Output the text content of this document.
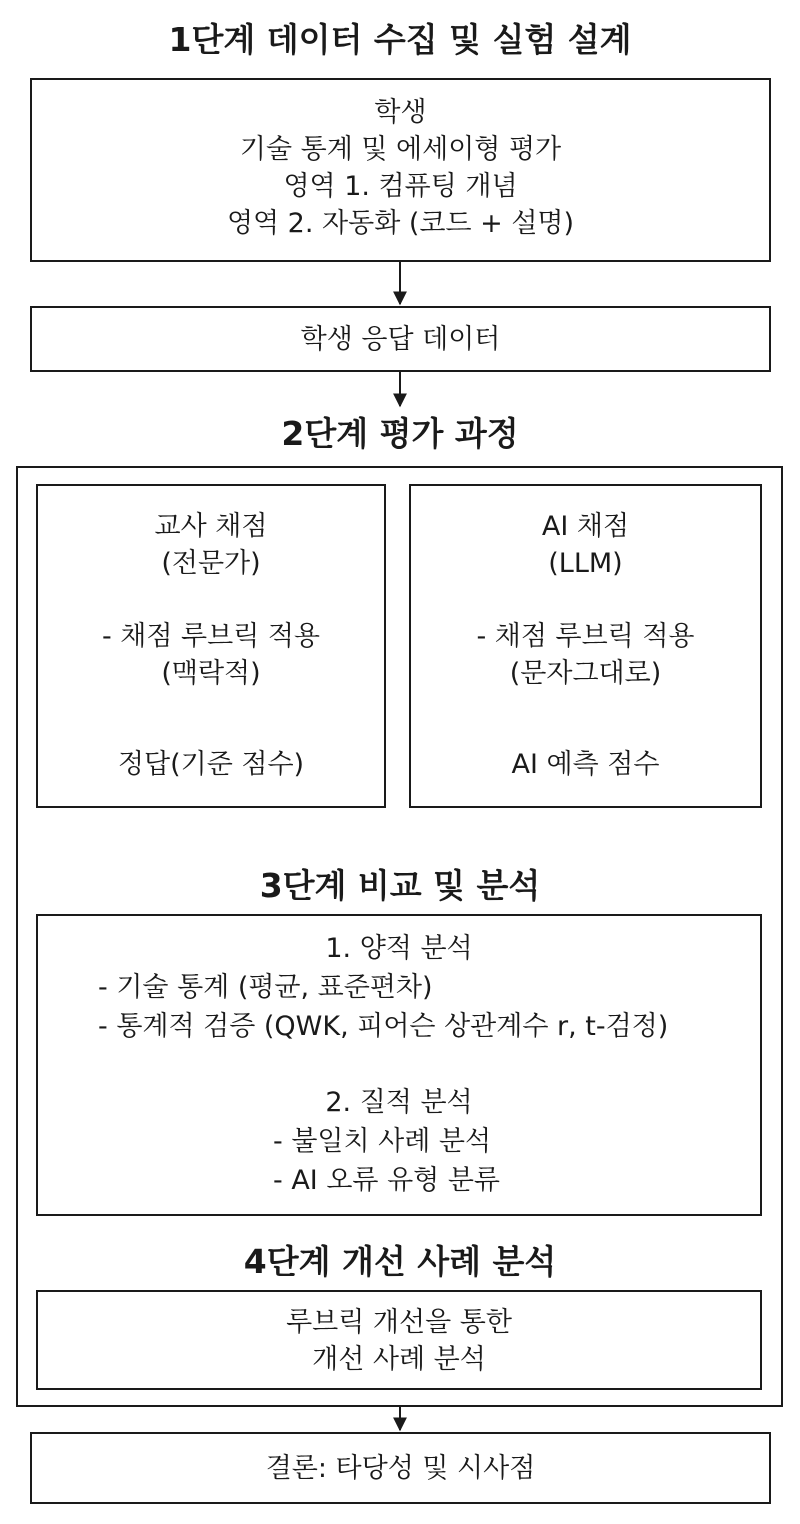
1단계 데이터 수집 및 실험 설계
학생
기술 통계 및 에세이형 평가
영역 1. 컴퓨팅 개념
영역 2. 자동화 (코드 + 설명)
학생 응답 데이터
2단계 평가 과정
교사 채점
(전문가)
- 채점 루브릭 적용
(맥락적)
정답(기준 점수)
AI 채점
(LLM)
- 채점 루브릭 적용
(문자그대로)
AI 예측 점수
3단계 비교 및 분석
1. 양적 분석
- 기술 통계 (평균, 표준편차)
- 통계적 검증 (QWK, 피어슨 상관계수 r, t-검정)
2. 질적 분석
- 불일치 사례 분석
- AI 오류 유형 분류
4단계 개선 사례 분석
루브릭 개선을 통한
개선 사례 분석
결론: 타당성 및 시사점
